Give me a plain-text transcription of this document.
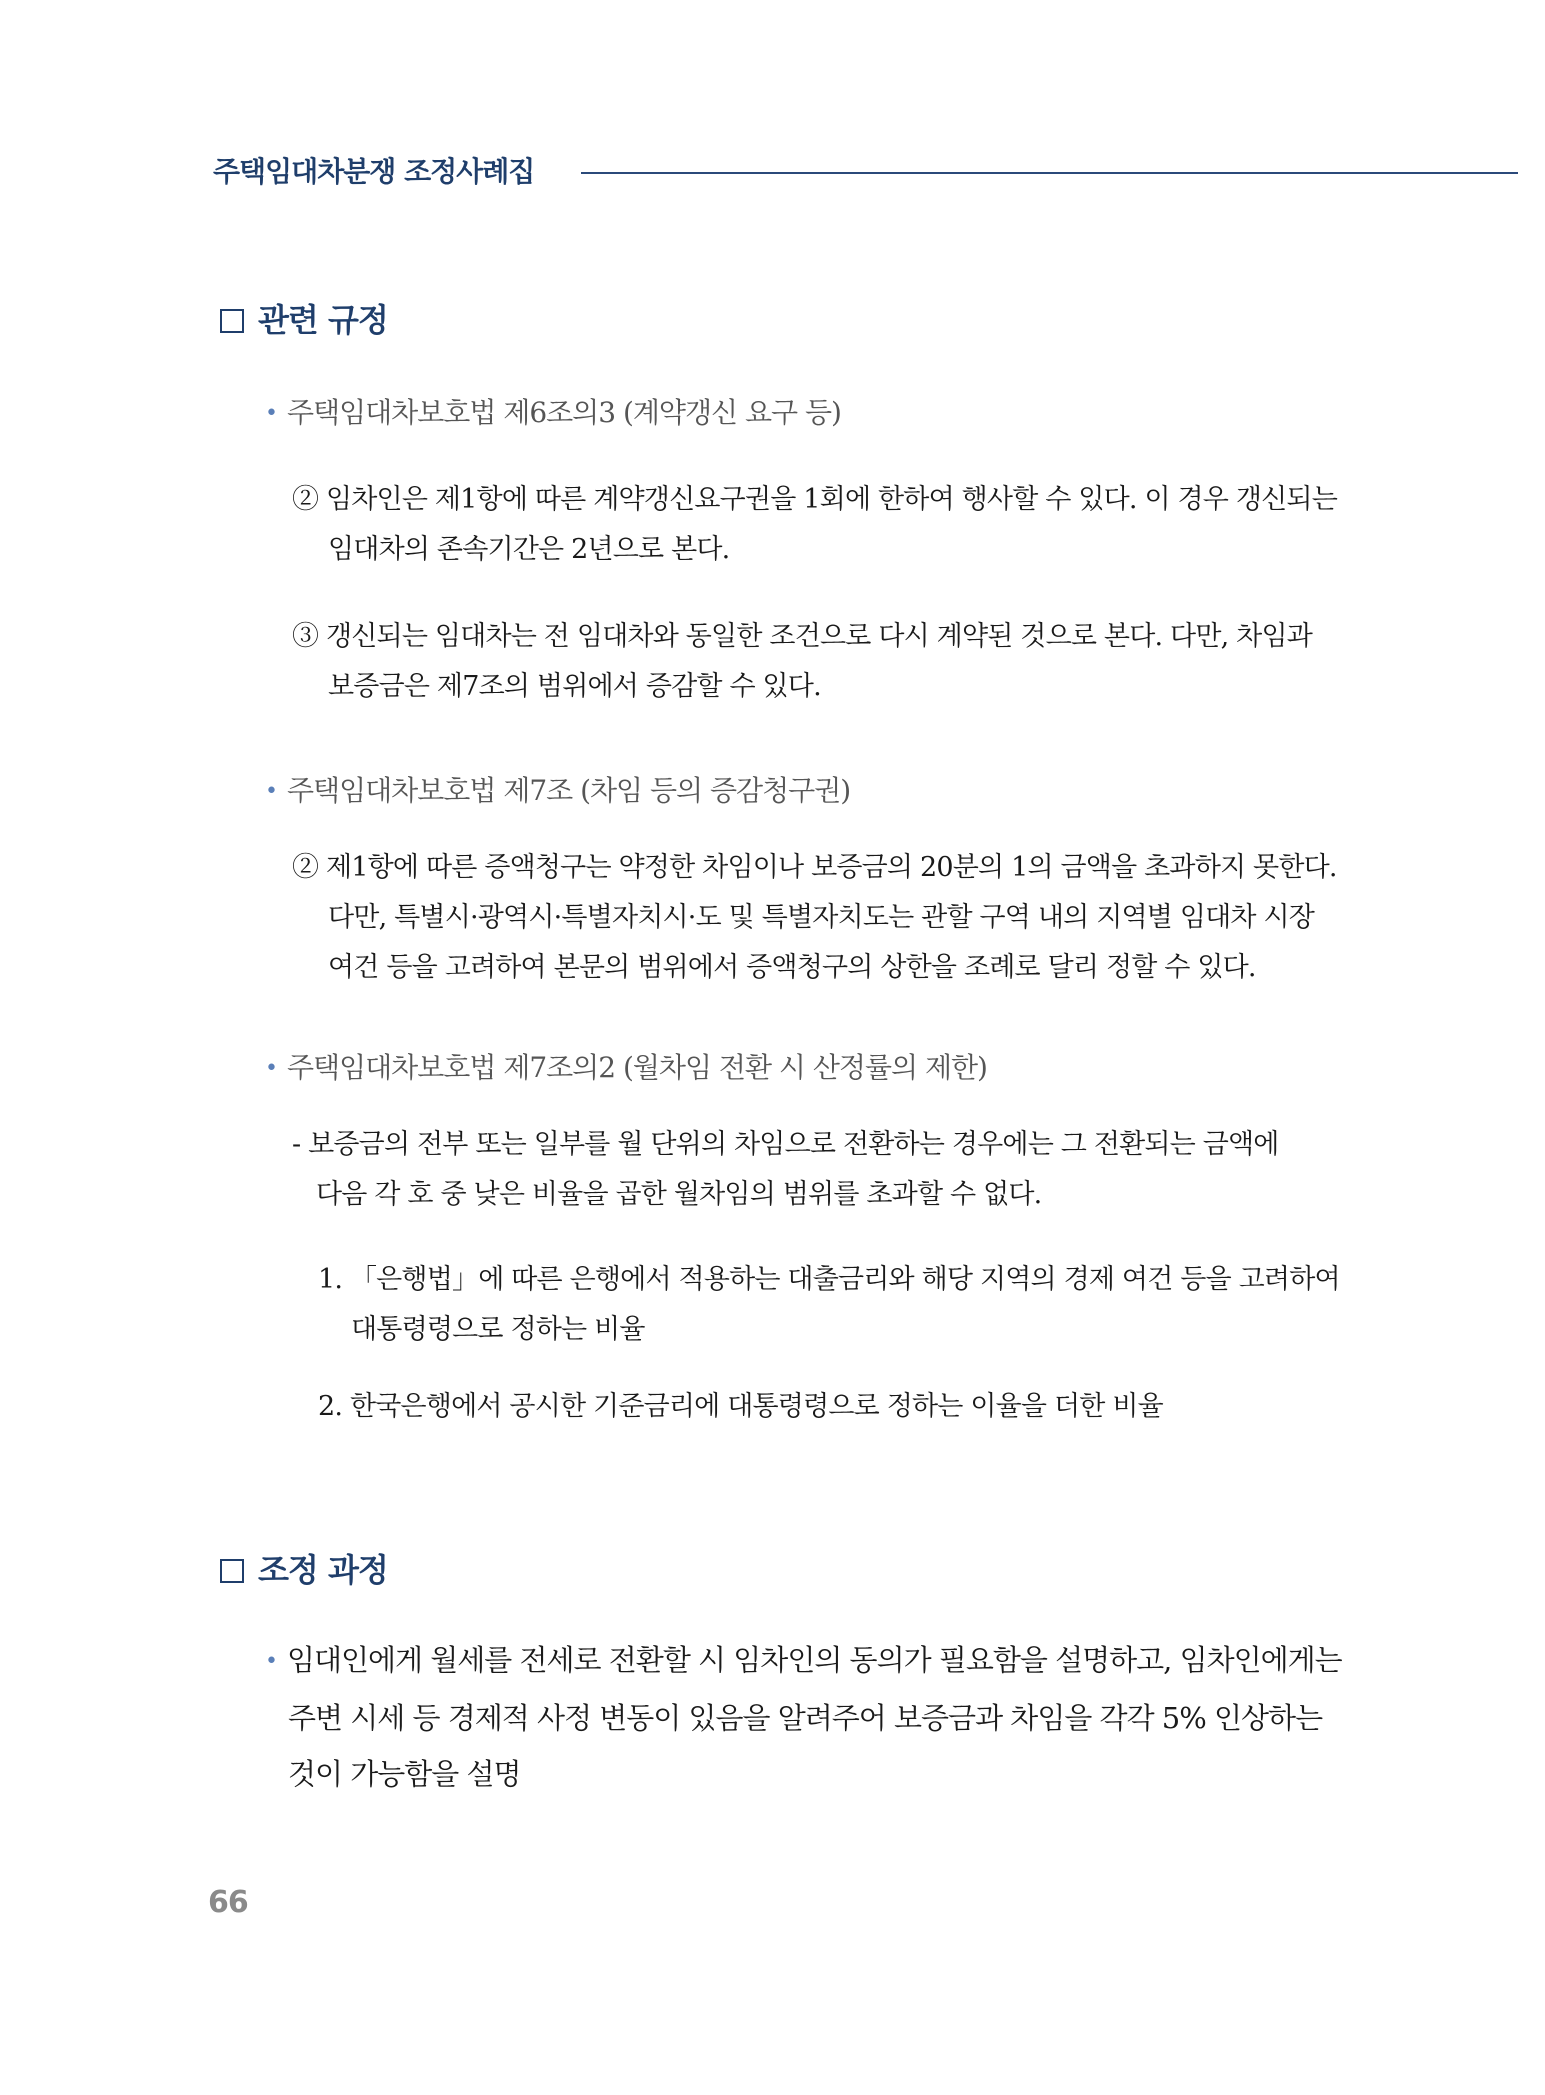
주택임대차분쟁 조정사례집
관련 규정
• 주택임대차보호법 제6조의3 (계약갱신 요구 등)
② 임차인은 제1항에 따른 계약갱신요구권을 1회에 한하여 행사할 수 있다. 이 경우 갱신되는
임대차의 존속기간은 2년으로 본다.
③ 갱신되는 임대차는 전 임대차와 동일한 조건으로 다시 계약된 것으로 본다. 다만, 차임과
보증금은 제7조의 범위에서 증감할 수 있다.
• 주택임대차보호법 제7조 (차임 등의 증감청구권)
② 제1항에 따른 증액청구는 약정한 차임이나 보증금의 20분의 1의 금액을 초과하지 못한다.
다만, 특별시·광역시·특별자치시·도 및 특별자치도는 관할 구역 내의 지역별 임대차 시장
여건 등을 고려하여 본문의 범위에서 증액청구의 상한을 조례로 달리 정할 수 있다.
• 주택임대차보호법 제7조의2 (월차임 전환 시 산정률의 제한)
- 보증금의 전부 또는 일부를 월 단위의 차임으로 전환하는 경우에는 그 전환되는 금액에
다음 각 호 중 낮은 비율을 곱한 월차임의 범위를 초과할 수 없다.
1. 「은행법」에 따른 은행에서 적용하는 대출금리와 해당 지역의 경제 여건 등을 고려하여
대통령령으로 정하는 비율
2. 한국은행에서 공시한 기준금리에 대통령령으로 정하는 이율을 더한 비율
조정 과정
• 임대인에게 월세를 전세로 전환할 시 임차인의 동의가 필요함을 설명하고, 임차인에게는
주변 시세 등 경제적 사정 변동이 있음을 알려주어 보증금과 차임을 각각 5% 인상하는
것이 가능함을 설명
66
